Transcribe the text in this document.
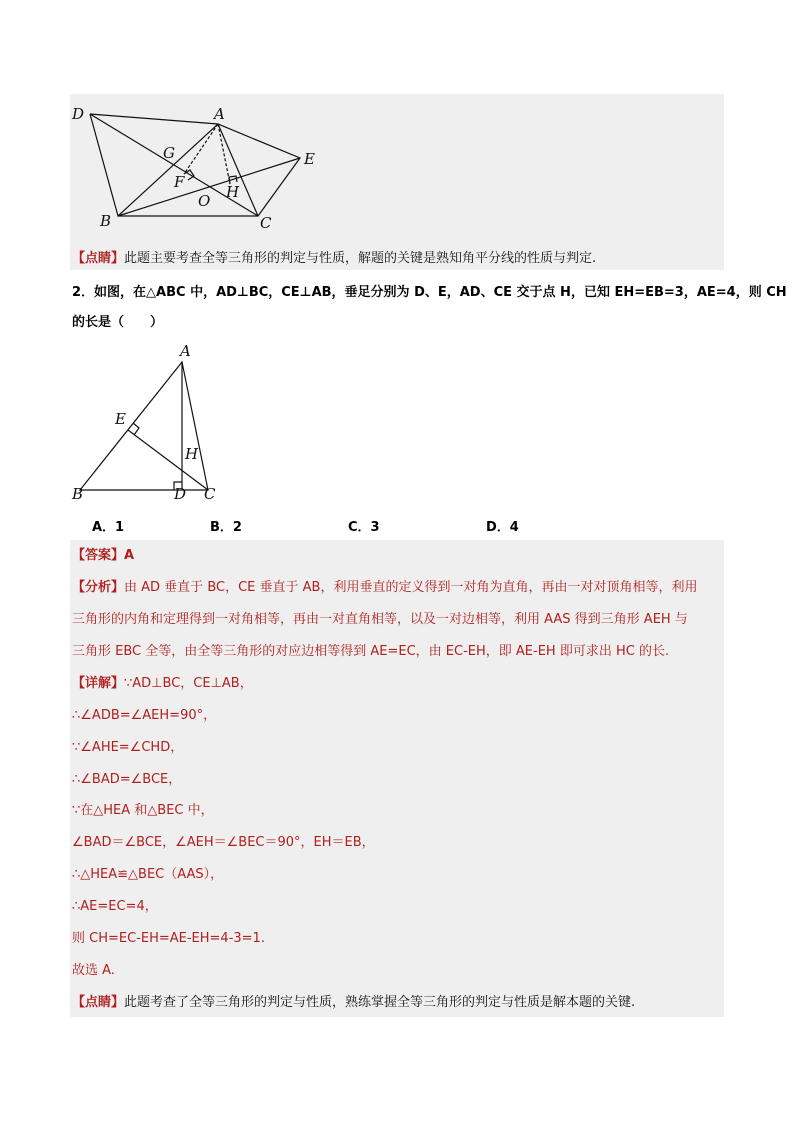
D	A
G
F
H
E
B
O
C
【点睛】此题主要考查全等三角形的判定与性质，解题的关键是熟知角平分线的性质与判定.
2．如图，在△ABC 中，AD⊥BC，CE⊥AB，垂足分别为 D、E，AD、CE 交于点 H，已知 EH=EB=3，AE=4，则 CH
的长是（　　）
A
E
H
B	D C
A．1	B．2	C．3	D．4
【答案】A
【分析】由 AD 垂直于 BC，CE 垂直于 AB，利用垂直的定义得到一对角为直角，再由一对对顶角相等，利用
三角形的内角和定理得到一对角相等，再由一对直角相等，以及一对边相等，利用 AAS 得到三角形 AEH 与
三角形 EBC 全等，由全等三角形的对应边相等得到 AE=EC，由 EC-EH，即 AE-EH 即可求出 HC 的长.
【详解】∵AD⊥BC，CE⊥AB，
∴∠ADB=∠AEH=90°，
∵∠AHE=∠CHD，
∴∠BAD=∠BCE，
∵在△HEA 和△BEC 中，
∠BAD＝∠BCE，∠AEH＝∠BEC＝90°，EH＝EB，
∴△HEA≌△BEC（AAS），
∴AE=EC=4，
则 CH=EC-EH=AE-EH=4-3=1.
故选 A.
【点睛】此题考查了全等三角形的判定与性质，熟练掌握全等三角形的判定与性质是解本题的关键.
